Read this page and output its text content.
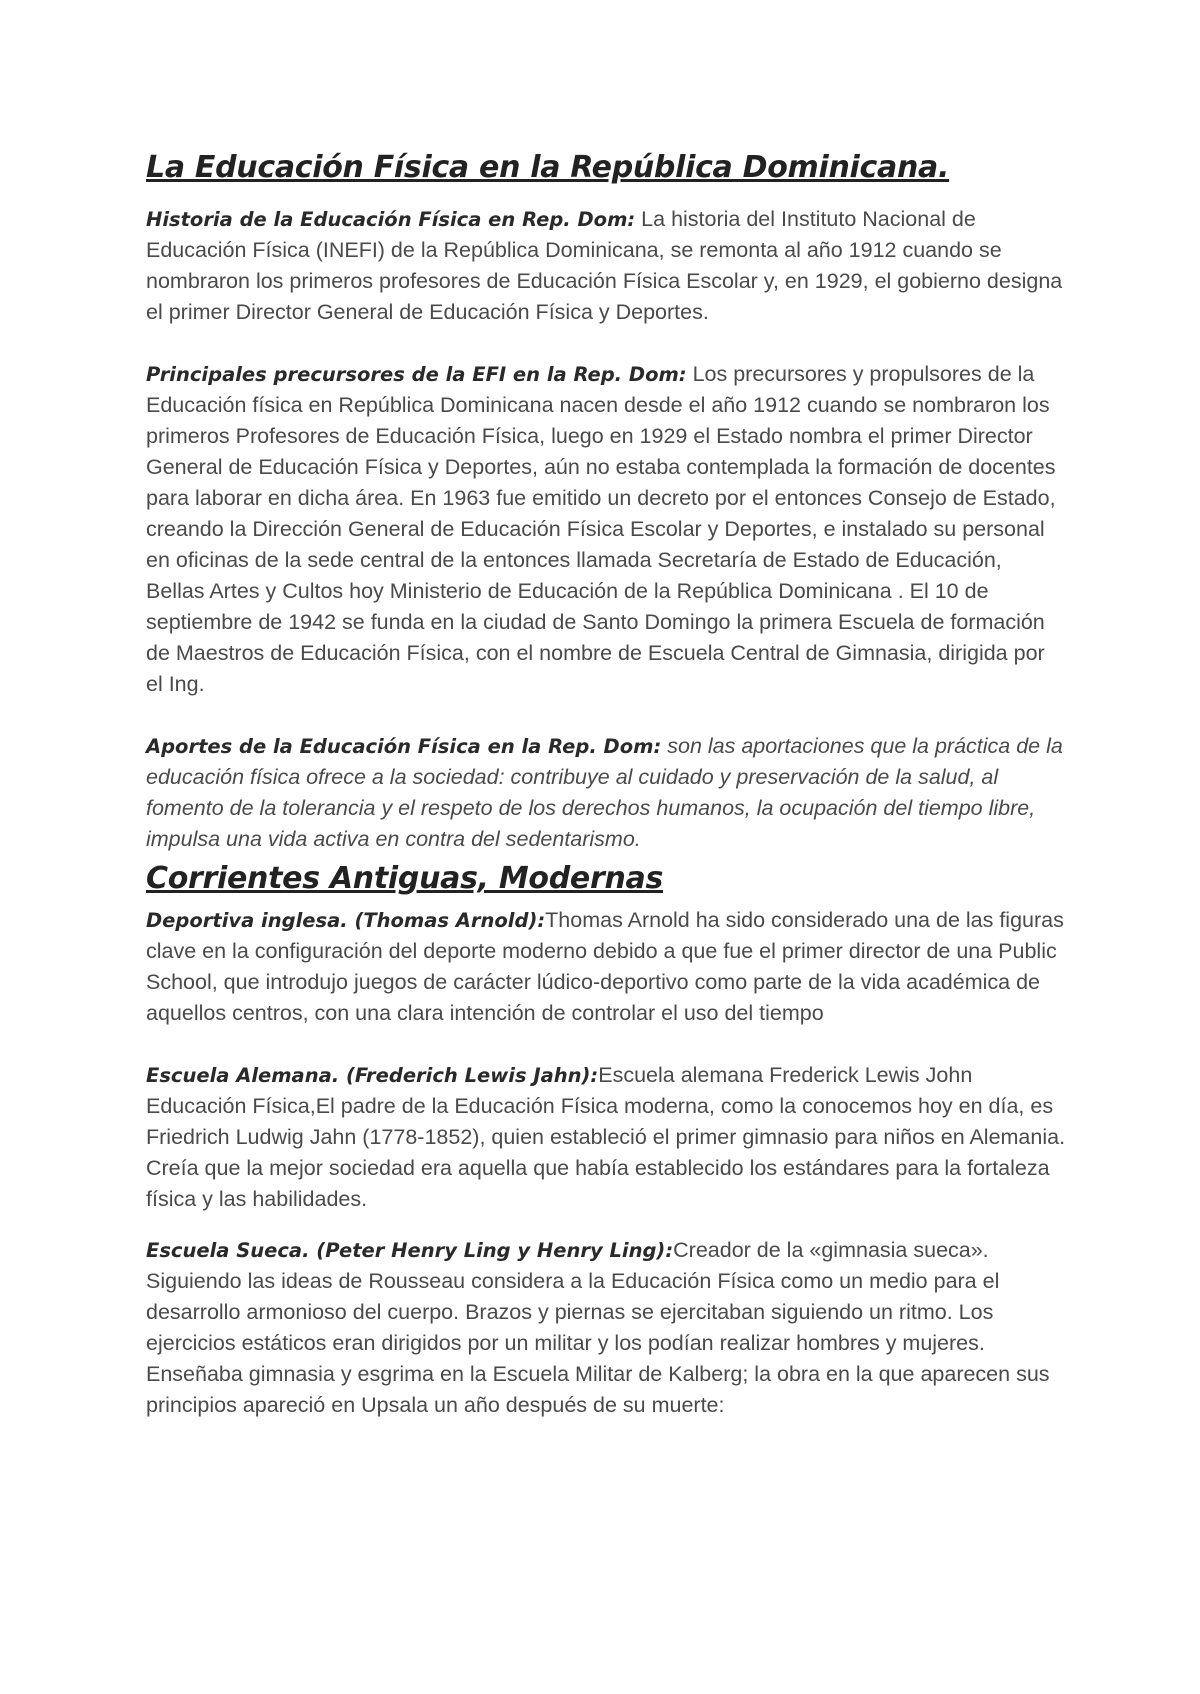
La Educación Física en la República Dominicana.

Historia de la Educación Física en Rep. Dom: La historia del Instituto Nacional de Educación Física (INEFI) de la República Dominicana, se remonta al año 1912 cuando se nombraron los primeros profesores de Educación Física Escolar y, en 1929, el gobierno designa el primer Director General de Educación Física y Deportes.

Principales precursores de la EFI en la Rep. Dom: Los precursores y propulsores de la Educación física en República Dominicana nacen desde el año 1912 cuando se nombraron los primeros Profesores de Educación Física, luego en 1929 el Estado nombra el primer Director General de Educación Física y Deportes, aún no estaba contemplada la formación de docentes para laborar en dicha área. En 1963 fue emitido un decreto por el entonces Consejo de Estado, creando la Dirección General de Educación Física Escolar y Deportes, e instalado su personal en oficinas de la sede central de la entonces llamada Secretaría de Estado de Educación, Bellas Artes y Cultos hoy Ministerio de Educación de la República Dominicana . El 10 de septiembre de 1942 se funda en la ciudad de Santo Domingo la primera Escuela de formación de Maestros de Educación Física, con el nombre de Escuela Central de Gimnasia, dirigida por el Ing.

Aportes de la Educación Física en la Rep. Dom: son las aportaciones que la práctica de la educación física ofrece a la sociedad: contribuye al cuidado y preservación de la salud, al fomento de la tolerancia y el respeto de los derechos humanos, la ocupación del tiempo libre, impulsa una vida activa en contra del sedentarismo.

Corrientes Antiguas, Modernas

Deportiva inglesa. (Thomas Arnold):Thomas Arnold ha sido considerado una de las figuras clave en la configuración del deporte moderno debido a que fue el primer director de una Public School, que introdujo juegos de carácter lúdico-deportivo como parte de la vida académica de aquellos centros, con una clara intención de controlar el uso del tiempo

Escuela Alemana. (Frederich Lewis Jahn):Escuela alemana Frederick Lewis John Educación Física,El padre de la Educación Física moderna, como la conocemos hoy en día, es Friedrich Ludwig Jahn (1778-1852), quien estableció el primer gimnasio para niños en Alemania. Creía que la mejor sociedad era aquella que había establecido los estándares para la fortaleza física y las habilidades.

Escuela Sueca. (Peter Henry Ling y Henry Ling):Creador de la «gimnasia sueca». Siguiendo las ideas de Rousseau considera a la Educación Física como un medio para el desarrollo armonioso del cuerpo. Brazos y piernas se ejercitaban siguiendo un ritmo. Los ejercicios estáticos eran dirigidos por un militar y los podían realizar hombres y mujeres. Enseñaba gimnasia y esgrima en la Escuela Militar de Kalberg; la obra en la que aparecen sus principios apareció en Upsala un año después de su muerte:
